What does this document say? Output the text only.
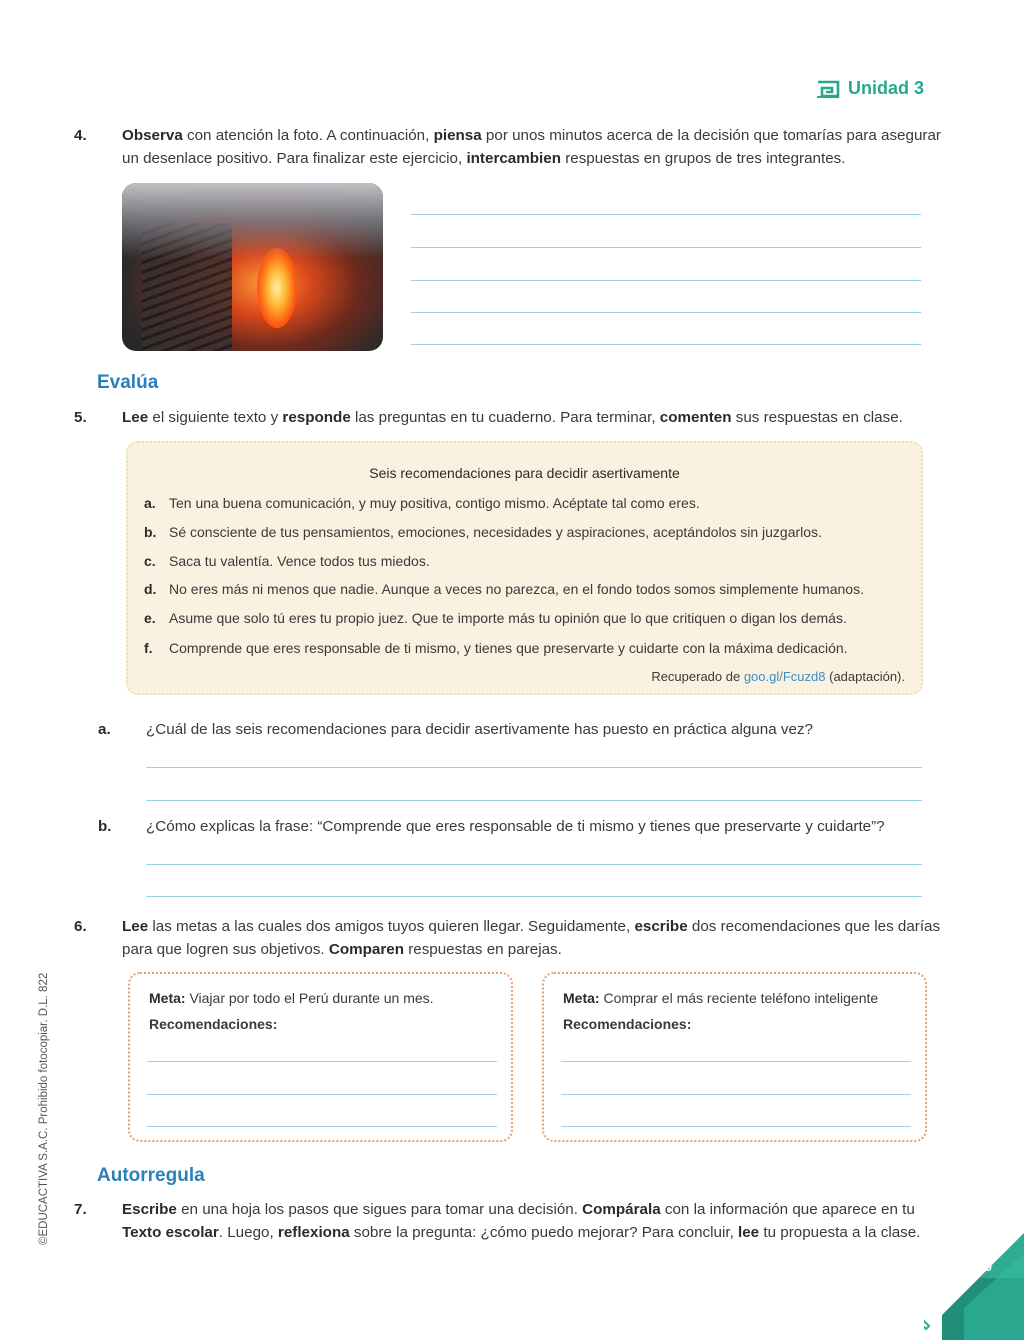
Unidad 3
4. Observa con atención la foto. A continuación, piensa por unos minutos acerca de la decisión que tomarías para asegurar un desenlace positivo. Para finalizar este ejercicio, intercambien respuestas en grupos de tres integrantes.
Evalúa
5. Lee el siguiente texto y responde las preguntas en tu cuaderno. Para terminar, comenten sus respuestas en clase.
Seis recomendaciones para decidir asertivamente
a. Ten una buena comunicación, y muy positiva, contigo mismo. Acéptate tal como eres.
b. Sé consciente de tus pensamientos, emociones, necesidades y aspiraciones, aceptándolos sin juzgarlos.
c. Saca tu valentía. Vence todos tus miedos.
d. No eres más ni menos que nadie. Aunque a veces no parezca, en el fondo todos somos simplemente humanos.
e. Asume que solo tú eres tu propio juez. Que te importe más tu opinión que lo que critiquen o digan los demás.
f.	Comprende que eres responsable de ti mismo, y tienes que preservarte y cuidarte con la máxima dedicación.
Recuperado de goo.gl/Fcuzd8 (adaptación).
a. ¿Cuál de las seis recomendaciones para decidir asertivamente has puesto en práctica alguna vez?
b. ¿Cómo explicas la frase: “Comprende que eres responsable de ti mismo y tienes que preservarte y cuidarte”?
6. Lee las metas a las cuales dos amigos tuyos quieren llegar. Seguidamente, escribe dos recomendaciones que les darías para que logren sus objetivos. Comparen respuestas en parejas.
Meta: Viajar por todo el Perú durante un mes.
Recomendaciones:
Meta: Comprar el más reciente teléfono inteligente
Recomendaciones:
Autorregula
7. Escribe en una hoja los pasos que sigues para tomar una decisión. Compárala con la información que aparece en tu Texto escolar. Luego, reflexiona sobre la pregunta: ¿cómo puedo mejorar? Para concluir, lee tu propuesta a la clase.
©EDUCACTIVA S.A.C. Prohibido fotocopiar. D.L. 822
29
